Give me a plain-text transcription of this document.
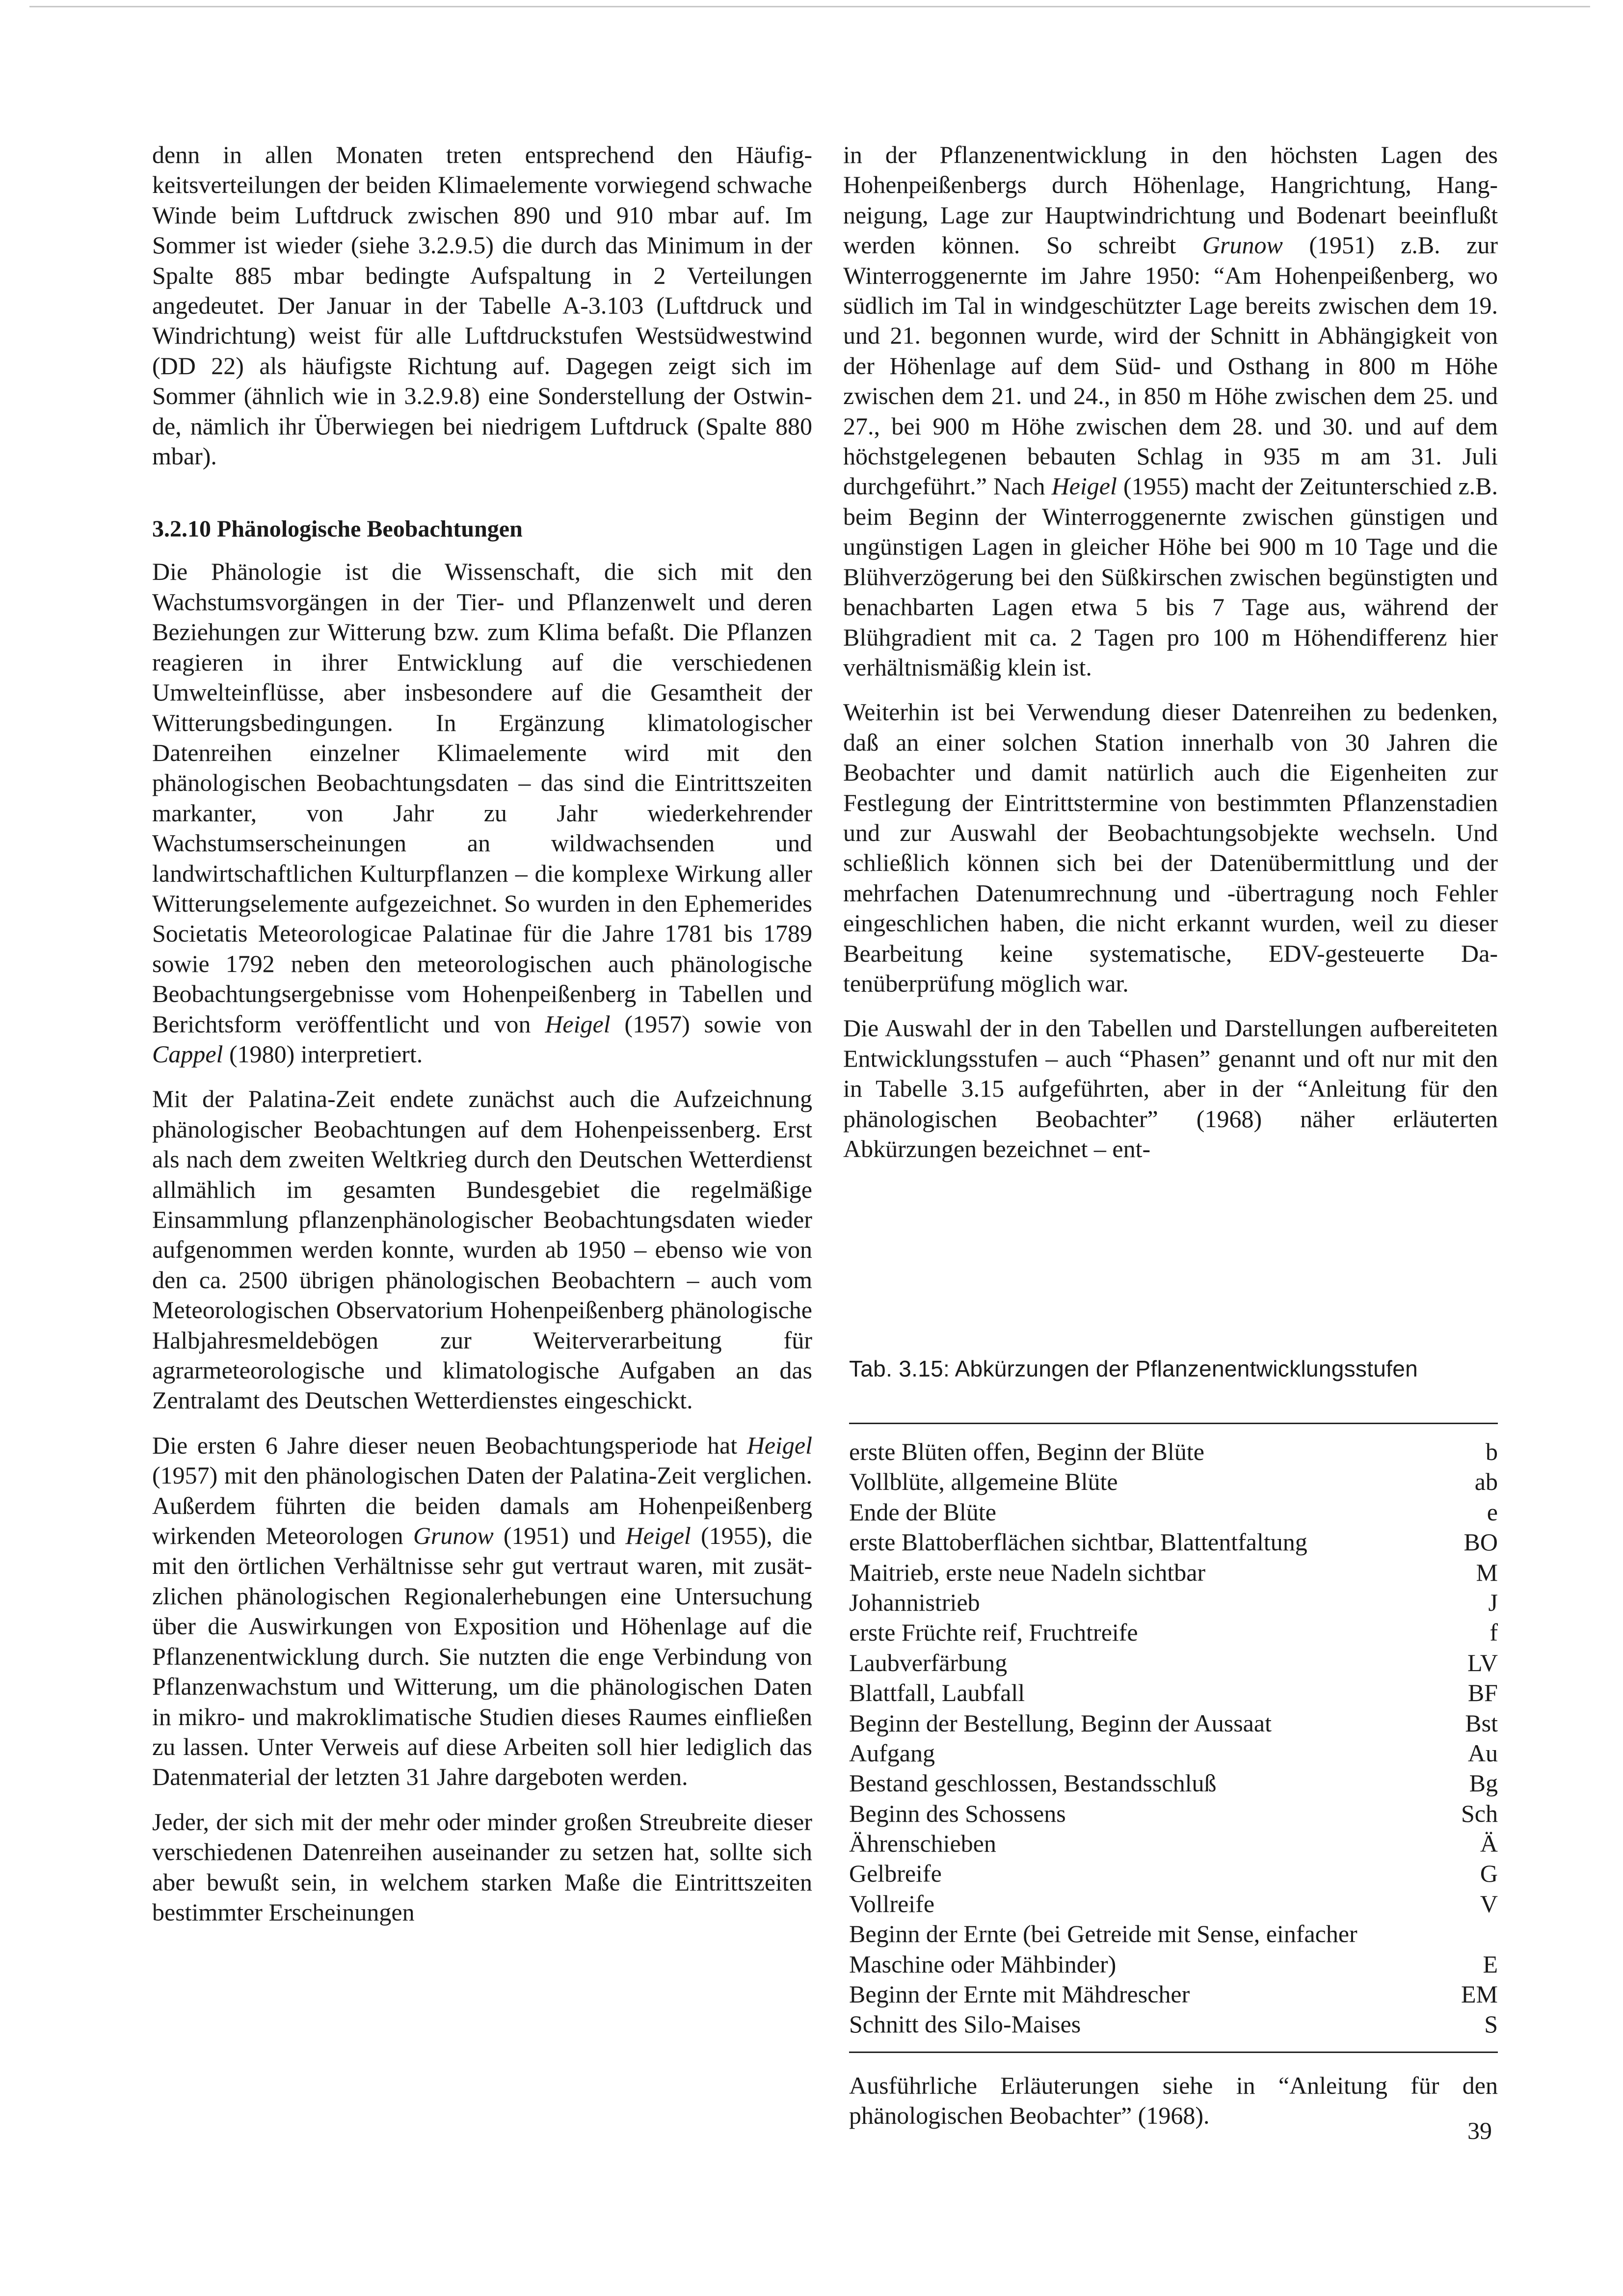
denn in allen Monaten treten entsprechend den Häufigkeitsverteilungen der beiden Klimaelemente vorwiegend schwache Winde beim Luftdruck zwischen 890 und 910 mbar auf. Im Sommer ist wieder (siehe 3.2.9.5) die durch das Minimum in der Spalte 885 mbar bedingte Aufspaltung in 2 Verteilungen angedeutet. Der Januar in der Tabelle A-3.103 (Luftdruck und Windrichtung) weist für alle Luftdruckstufen Westsüdwestwind (DD 22) als häufigste Richtung auf. Dagegen zeigt sich im Sommer (ähnlich wie in 3.2.9.8) eine Sonderstellung der Ostwinde, nämlich ihr Überwiegen bei niedrigem Luftdruck (Spalte 880 mbar).

3.2.10 Phänologische Beobachtungen

Die Phänologie ist die Wissenschaft, die sich mit den Wachstumsvorgängen in der Tier- und Pflanzenwelt und deren Beziehungen zur Witterung bzw. zum Klima befaßt. Die Pflanzen reagieren in ihrer Entwicklung auf die verschiedenen Umwelteinflüsse, aber insbesondere auf die Gesamtheit der Witterungsbedingungen. In Ergänzung klimatologischer Datenreihen einzelner Klimaelemente wird mit den phänologischen Beobachtungsdaten – das sind die Eintrittszeiten markanter, von Jahr zu Jahr wiederkehrender Wachstumserscheinungen an wildwachsenden und landwirtschaftlichen Kulturpflanzen – die komplexe Wirkung aller Witterungselemente aufgezeichnet. So wurden in den Ephemerides Societatis Meteorologicae Palatinae für die Jahre 1781 bis 1789 sowie 1792 neben den meteorologischen auch phänologische Beobachtungsergebnisse vom Hohenpeißenberg in Tabellen und Berichtsform veröffentlicht und von Heigel (1957) sowie von Cappel (1980) interpretiert.

Mit der Palatina-Zeit endete zunächst auch die Aufzeichnung phänologischer Beobachtungen auf dem Hohenpeissenberg. Erst als nach dem zweiten Weltkrieg durch den Deutschen Wetterdienst allmählich im gesamten Bundesgebiet die regelmäßige Einsammlung pflanzenphänologischer Beobachtungsdaten wieder aufgenommen werden konnte, wurden ab 1950 – ebenso wie von den ca. 2500 übrigen phänologischen Beobachtern – auch vom Meteorologischen Observatorium Hohenpeißenberg phänologische Halbjahresmeldebögen zur Weiterverarbeitung für agrarmeteorologische und klimatologische Aufgaben an das Zentralamt des Deutschen Wetterdienstes eingeschickt.

Die ersten 6 Jahre dieser neuen Beobachtungsperiode hat Heigel (1957) mit den phänologischen Daten der Palatina-Zeit verglichen. Außerdem führten die beiden damals am Hohenpeißenberg wirkenden Meteorologen Grunow (1951) und Heigel (1955), die mit den örtlichen Verhältnisse sehr gut vertraut waren, mit zusätzlichen phänologischen Regionalerhebungen eine Untersuchung über die Auswirkungen von Exposition und Höhenlage auf die Pflanzenentwicklung durch. Sie nutzten die enge Verbindung von Pflanzenwachstum und Witterung, um die phänologischen Daten in mikro- und makroklimatische Studien dieses Raumes einfließen zu lassen. Unter Verweis auf diese Arbeiten soll hier lediglich das Datenmaterial der letzten 31 Jahre dargeboten werden.

Jeder, der sich mit der mehr oder minder großen Streubreite dieser verschiedenen Datenreihen auseinander zu setzen hat, sollte sich aber bewußt sein, in welchem starken Maße die Eintrittszeiten bestimmter Erscheinungen

in der Pflanzenentwicklung in den höchsten Lagen des Hohenpeißenbergs durch Höhenlage, Hangrichtung, Hangneigung, Lage zur Hauptwindrichtung und Bodenart beeinflußt werden können. So schreibt Grunow (1951) z.B. zur Winterroggenernte im Jahre 1950: “Am Hohenpeißenberg, wo südlich im Tal in windgeschützter Lage bereits zwischen dem 19. und 21. begonnen wurde, wird der Schnitt in Abhängigkeit von der Höhenlage auf dem Süd- und Osthang in 800 m Höhe zwischen dem 21. und 24., in 850 m Höhe zwischen dem 25. und 27., bei 900 m Höhe zwischen dem 28. und 30. und auf dem höchstgelegenen bebauten Schlag in 935 m am 31. Juli durchgeführt.” Nach Heigel (1955) macht der Zeitunterschied z.B. beim Beginn der Winterroggenernte zwischen günstigen und ungünstigen Lagen in gleicher Höhe bei 900 m 10 Tage und die Blühverzögerung bei den Süßkirschen zwischen begünstigten und benachbarten Lagen etwa 5 bis 7 Tage aus, während der Blühgradient mit ca. 2 Tagen pro 100 m Höhendifferenz hier verhältnismäßig klein ist.

Weiterhin ist bei Verwendung dieser Datenreihen zu bedenken, daß an einer solchen Station innerhalb von 30 Jahren die Beobachter und damit natürlich auch die Eigenheiten zur Festlegung der Eintrittstermine von bestimmten Pflanzenstadien und zur Auswahl der Beobachtungsobjekte wechseln. Und schließlich können sich bei der Datenübermittlung und der mehrfachen Datenumrechnung und -übertragung noch Fehler eingeschlichen haben, die nicht erkannt wurden, weil zu dieser Bearbeitung keine systematische, EDV-gesteuerte Datenüberprüfung möglich war.

Die Auswahl der in den Tabellen und Darstellungen aufbereiteten Entwicklungsstufen – auch “Phasen” genannt und oft nur mit den in Tabelle 3.15 aufgeführten, aber in der “Anleitung für den phänologischen Beobachter” (1968) näher erläuterten Abkürzungen bezeichnet – ent-

Tab. 3.15: Abkürzungen der Pflanzenentwicklungsstufen

erste Blüten offen, Beginn der Blüte	b
Vollblüte, allgemeine Blüte	ab
Ende der Blüte	e
erste Blattoberflächen sichtbar, Blattentfaltung	BO
Maitrieb, erste neue Nadeln sichtbar	M
Johannistrieb	J
erste Früchte reif, Fruchtreife	f
Laubverfärbung	LV
Blattfall, Laubfall	BF
Beginn der Bestellung, Beginn der Aussaat	Bst
Aufgang	Au
Bestand geschlossen, Bestandsschluß	Bg
Beginn des Schossens	Sch
Ährenschieben	Ä
Gelbreife	G
Vollreife	V
Beginn der Ernte (bei Getreide mit Sense, einfacher Maschine oder Mähbinder)	E
Beginn der Ernte mit Mähdrescher	EM
Schnitt des Silo-Maises	S
Ausführliche Erläuterungen siehe in “Anleitung für den phänologischen Beobachter” (1968).
39
